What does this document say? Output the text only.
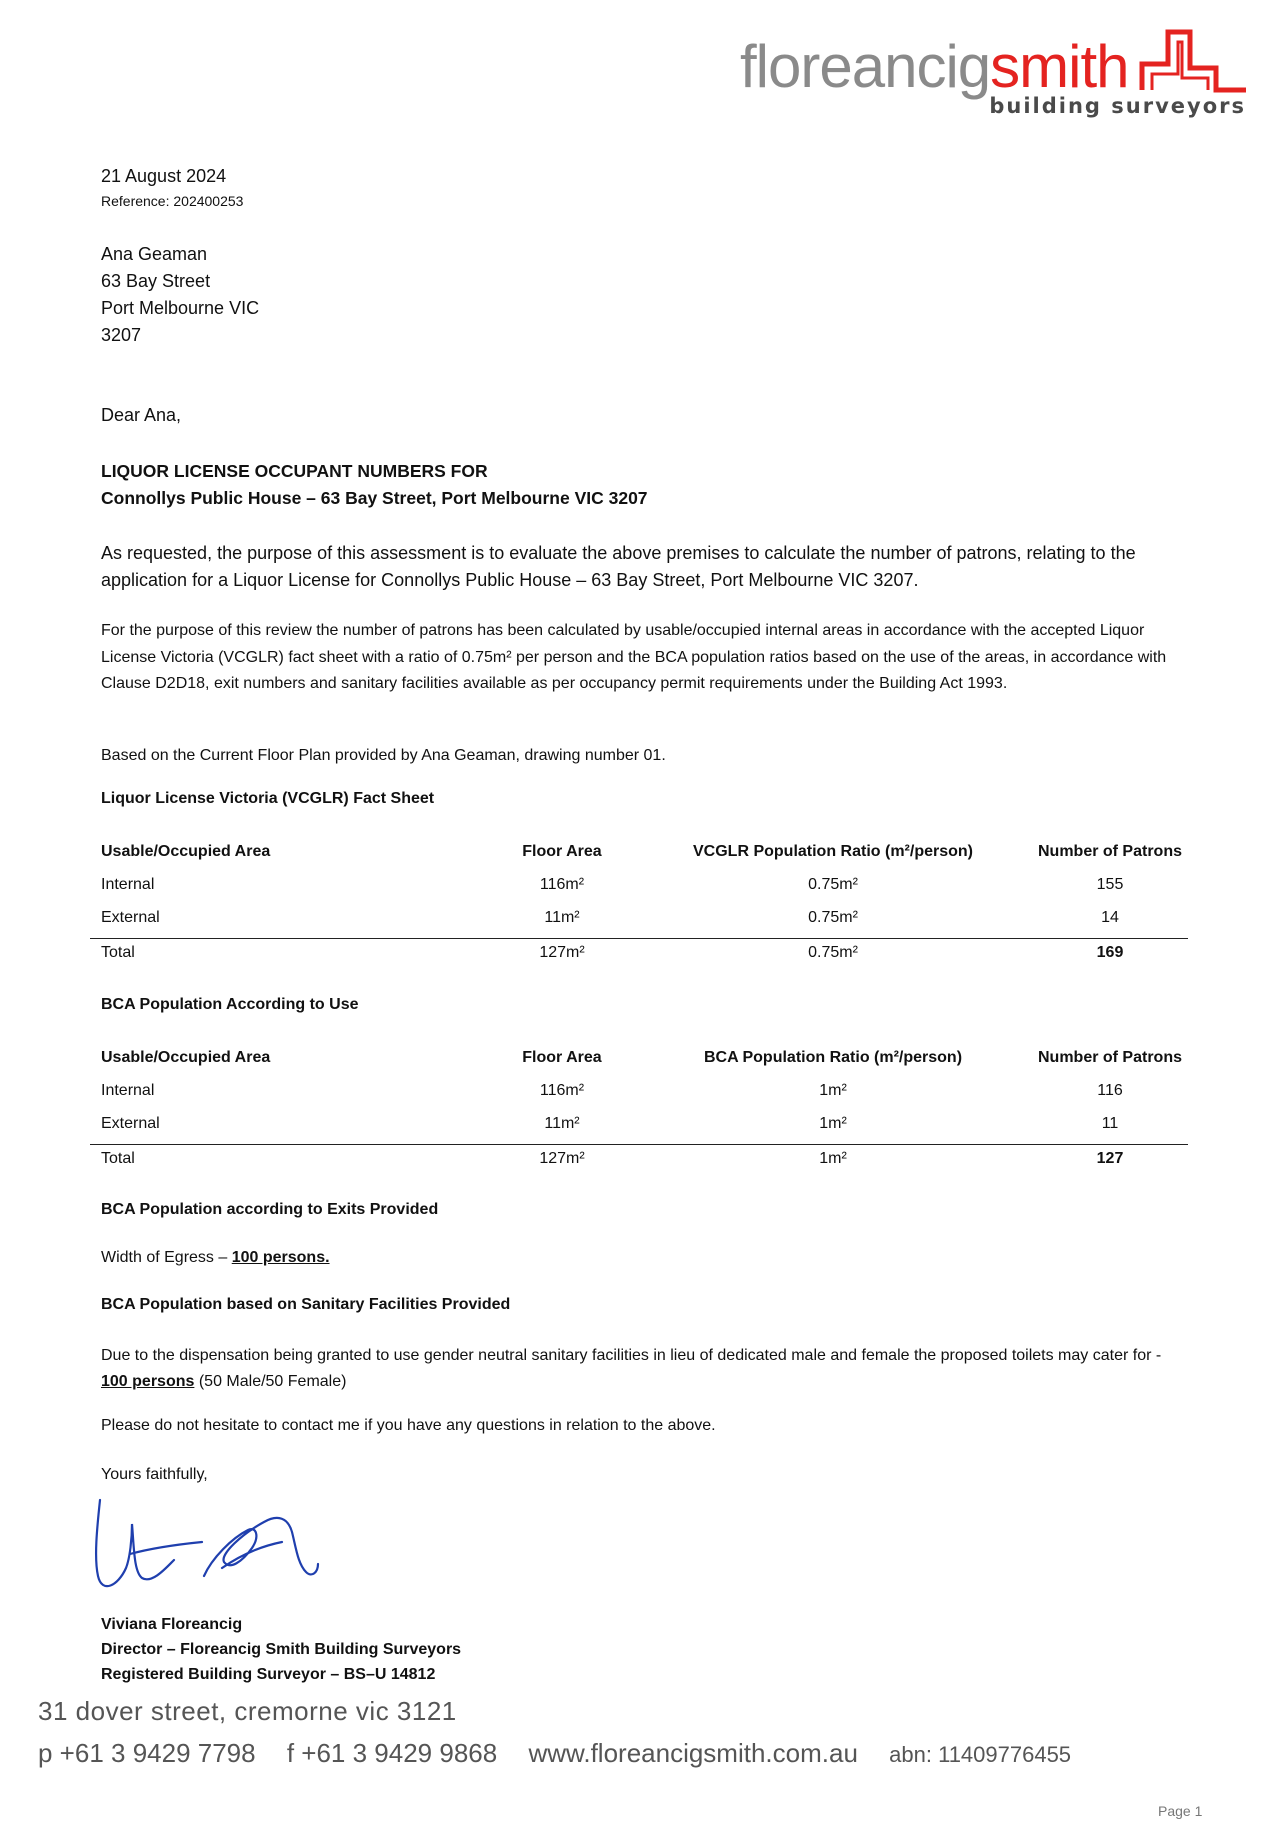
floreancigsmith
building surveyors
21 August 2024
Reference: 202400253
Ana Geaman
63 Bay Street
Port Melbourne VIC
3207
Dear Ana,
LIQUOR LICENSE OCCUPANT NUMBERS FOR
Connollys Public House – 63 Bay Street, Port Melbourne VIC 3207
As requested, the purpose of this assessment is to evaluate the above premises to calculate the number of patrons, relating to the application for a Liquor License for Connollys Public House – 63 Bay Street, Port Melbourne VIC 3207.
For the purpose of this review the number of patrons has been calculated by usable/occupied internal areas in accordance with the accepted Liquor License Victoria (VCGLR) fact sheet with a ratio of 0.75m² per person and the BCA population ratios based on the use of the areas, in accordance with Clause D2D18, exit numbers and sanitary facilities available as per occupancy permit requirements under the Building Act 1993.
Based on the Current Floor Plan provided by Ana Geaman, drawing number 01.
Liquor License Victoria (VCGLR) Fact Sheet
Usable/Occupied Area	Floor Area	VCGLR Population Ratio (m²/person)	Number of Patrons
Internal	116m²	0.75m²	155
External	11m²	0.75m²	14
Total	127m²	0.75m²	169
BCA Population According to Use
Usable/Occupied Area	Floor Area	BCA Population Ratio (m²/person)	Number of Patrons
Internal	116m²	1m²	116
External	11m²	1m²	11
Total	127m²	1m²	127
BCA Population according to Exits Provided
Width of Egress – 100 persons.
BCA Population based on Sanitary Facilities Provided
Due to the dispensation being granted to use gender neutral sanitary facilities in lieu of dedicated male and female the proposed toilets may cater for - 100 persons (50 Male/50 Female)
Please do not hesitate to contact me if you have any questions in relation to the above.
Yours faithfully,
Viviana Floreancig
Director – Floreancig Smith Building Surveyors
Registered Building Surveyor – BS–U 14812
31 dover street, cremorne vic 3121
p +61 3 9429 7798 f +61 3 9429 9868 www.floreancigsmith.com.au abn: 11409776455
Page 1
